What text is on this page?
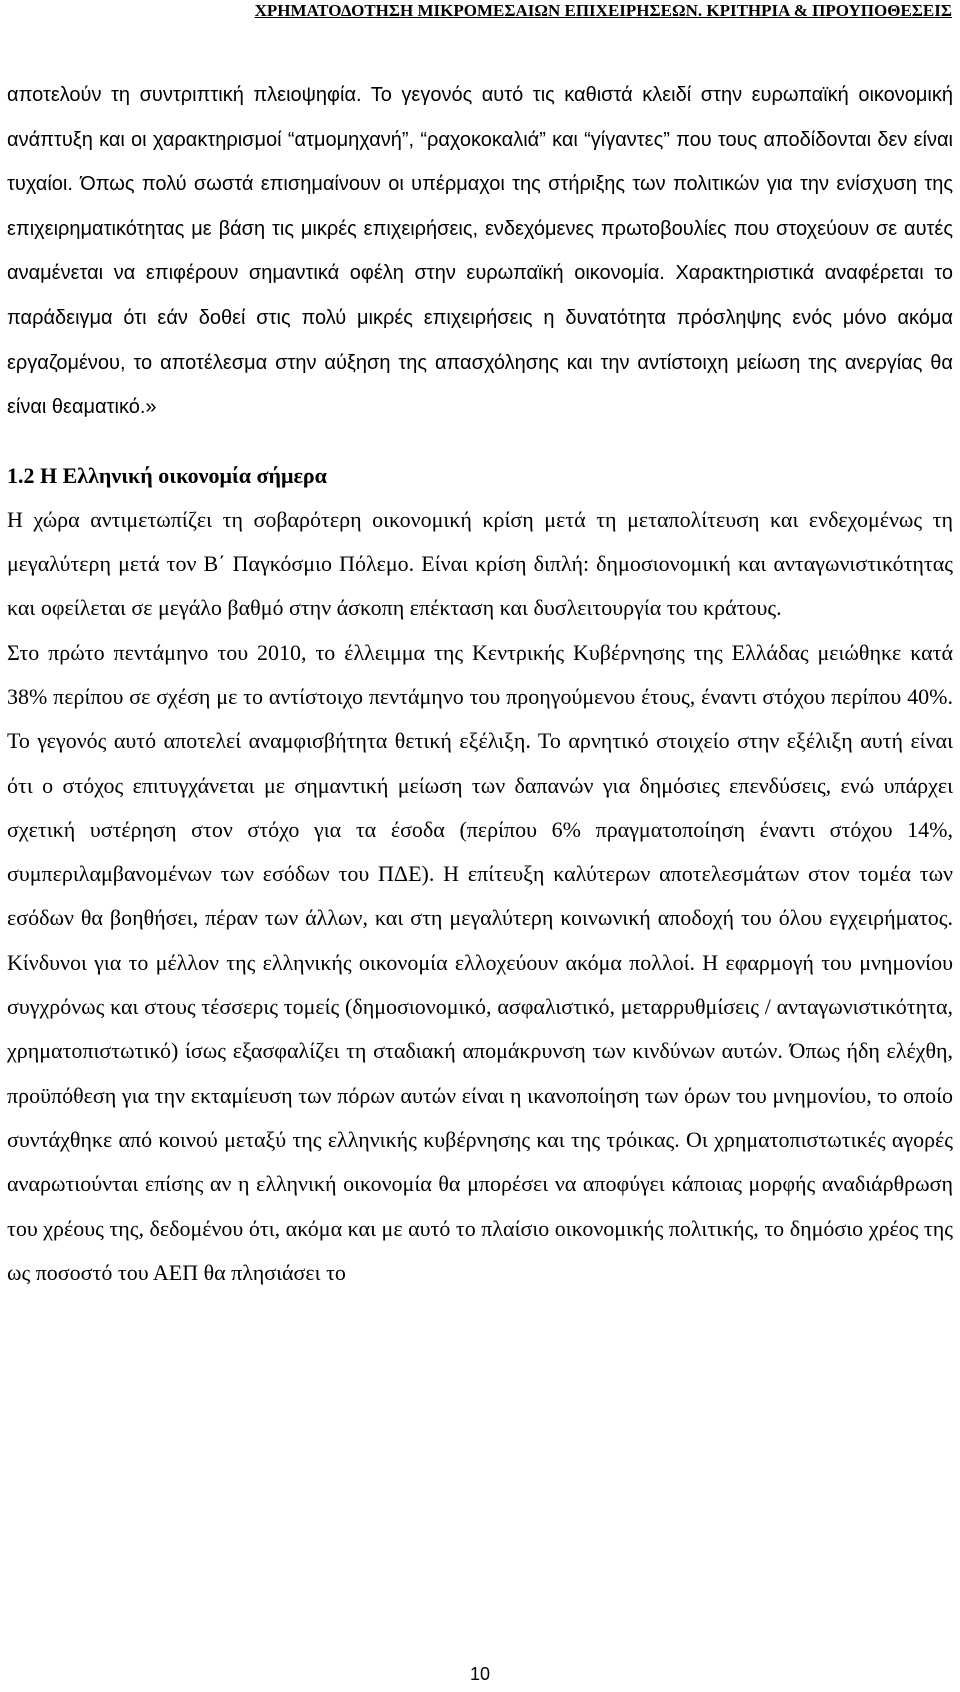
ΧΡΗΜΑΤΟΔΟΤΗΣΗ ΜΙΚΡΟΜΕΣΑΙΩΝ ΕΠΙΧΕΙΡΗΣΕΩΝ. ΚΡΙΤΗΡΙΑ & ΠΡΟΥΠΟΘΕΣΕΙΣ

αποτελούν τη συντριπτική πλειοψηφία. Το γεγονός αυτό τις καθιστά κλειδί στην ευρωπαϊκή οικονομική ανάπτυξη και οι χαρακτηρισμοί “ατμομηχανή”, “ραχοκοκαλιά” και “γίγαντες” που τους αποδίδονται δεν είναι τυχαίοι. Όπως πολύ σωστά επισημαίνουν οι υπέρμαχοι της στήριξης των πολιτικών για την ενίσχυση της επιχειρηματικότητας με βάση τις μικρές επιχειρήσεις, ενδεχόμενες πρωτοβουλίες που στοχεύουν σε αυτές αναμένεται να επιφέρουν σημαντικά οφέλη στην ευρωπαϊκή οικονομία. Χαρακτηριστικά αναφέρεται το παράδειγμα ότι εάν δοθεί στις πολύ μικρές επιχειρήσεις η δυνατότητα πρόσληψης ενός μόνο ακόμα εργαζομένου, το αποτέλεσμα στην αύξηση της απασχόλησης και την αντίστοιχη μείωση της ανεργίας θα είναι θεαματικό.»

1.2 Η Ελληνική οικονομία σήμερα

Η χώρα αντιμετωπίζει τη σοβαρότερη οικονομική κρίση μετά τη μεταπολίτευση και ενδεχομένως τη μεγαλύτερη μετά τον Β΄ Παγκόσμιο Πόλεμο. Είναι κρίση διπλή: δημοσιονομική και ανταγωνιστικότητας και οφείλεται σε μεγάλο βαθμό στην άσκοπη επέκταση και δυσλειτουργία του κράτους.

Στο πρώτο πεντάμηνο του 2010, το έλλειμμα της Κεντρικής Κυβέρνησης της Ελλάδας μειώθηκε κατά 38% περίπου σε σχέση με το αντίστοιχο πεντάμηνο του προηγούμενου έτους, έναντι στόχου περίπου 40%. Το γεγονός αυτό αποτελεί αναμφισβήτητα θετική εξέλιξη. Το αρνητικό στοιχείο στην εξέλιξη αυτή είναι ότι ο στόχος επιτυγχάνεται με σημαντική μείωση των δαπανών για δημόσιες επενδύσεις, ενώ υπάρχει σχετική υστέρηση στον στόχο για τα έσοδα (περίπου 6% πραγματοποίηση έναντι στόχου 14%, συμπεριλαμβανομένων των εσόδων του ΠΔΕ). Η επίτευξη καλύτερων αποτελεσμάτων στον τομέα των εσόδων θα βοηθήσει, πέραν των άλλων, και στη μεγαλύτερη κοινωνική αποδοχή του όλου εγχειρήματος. Κίνδυνοι για το μέλλον της ελληνικής οικονομία ελλοχεύουν ακόμα πολλοί. Η εφαρμογή του μνημονίου συγχρόνως και στους τέσσερις τομείς (δημοσιονομικό, ασφαλιστικό, μεταρρυθμίσεις / ανταγωνιστικότητα, χρηματοπιστωτικό) ίσως εξασφαλίζει τη σταδιακή απομάκρυνση των κινδύνων αυτών. Όπως ήδη ελέχθη, προϋπόθεση για την εκταμίευση των πόρων αυτών είναι η ικανοποίηση των όρων του μνημονίου, το οποίο συντάχθηκε από κοινού μεταξύ της ελληνικής κυβέρνησης και της τρόικας. Οι χρηματοπιστωτικές αγορές αναρωτιούνται επίσης αν η ελληνική οικονομία θα μπορέσει να αποφύγει κάποιας μορφής αναδιάρθρωση του χρέους της, δεδομένου ότι, ακόμα και με αυτό το πλαίσιο οικονομικής πολιτικής, το δημόσιο χρέος της ως ποσοστό του ΑΕΠ θα πλησιάσει το

10
